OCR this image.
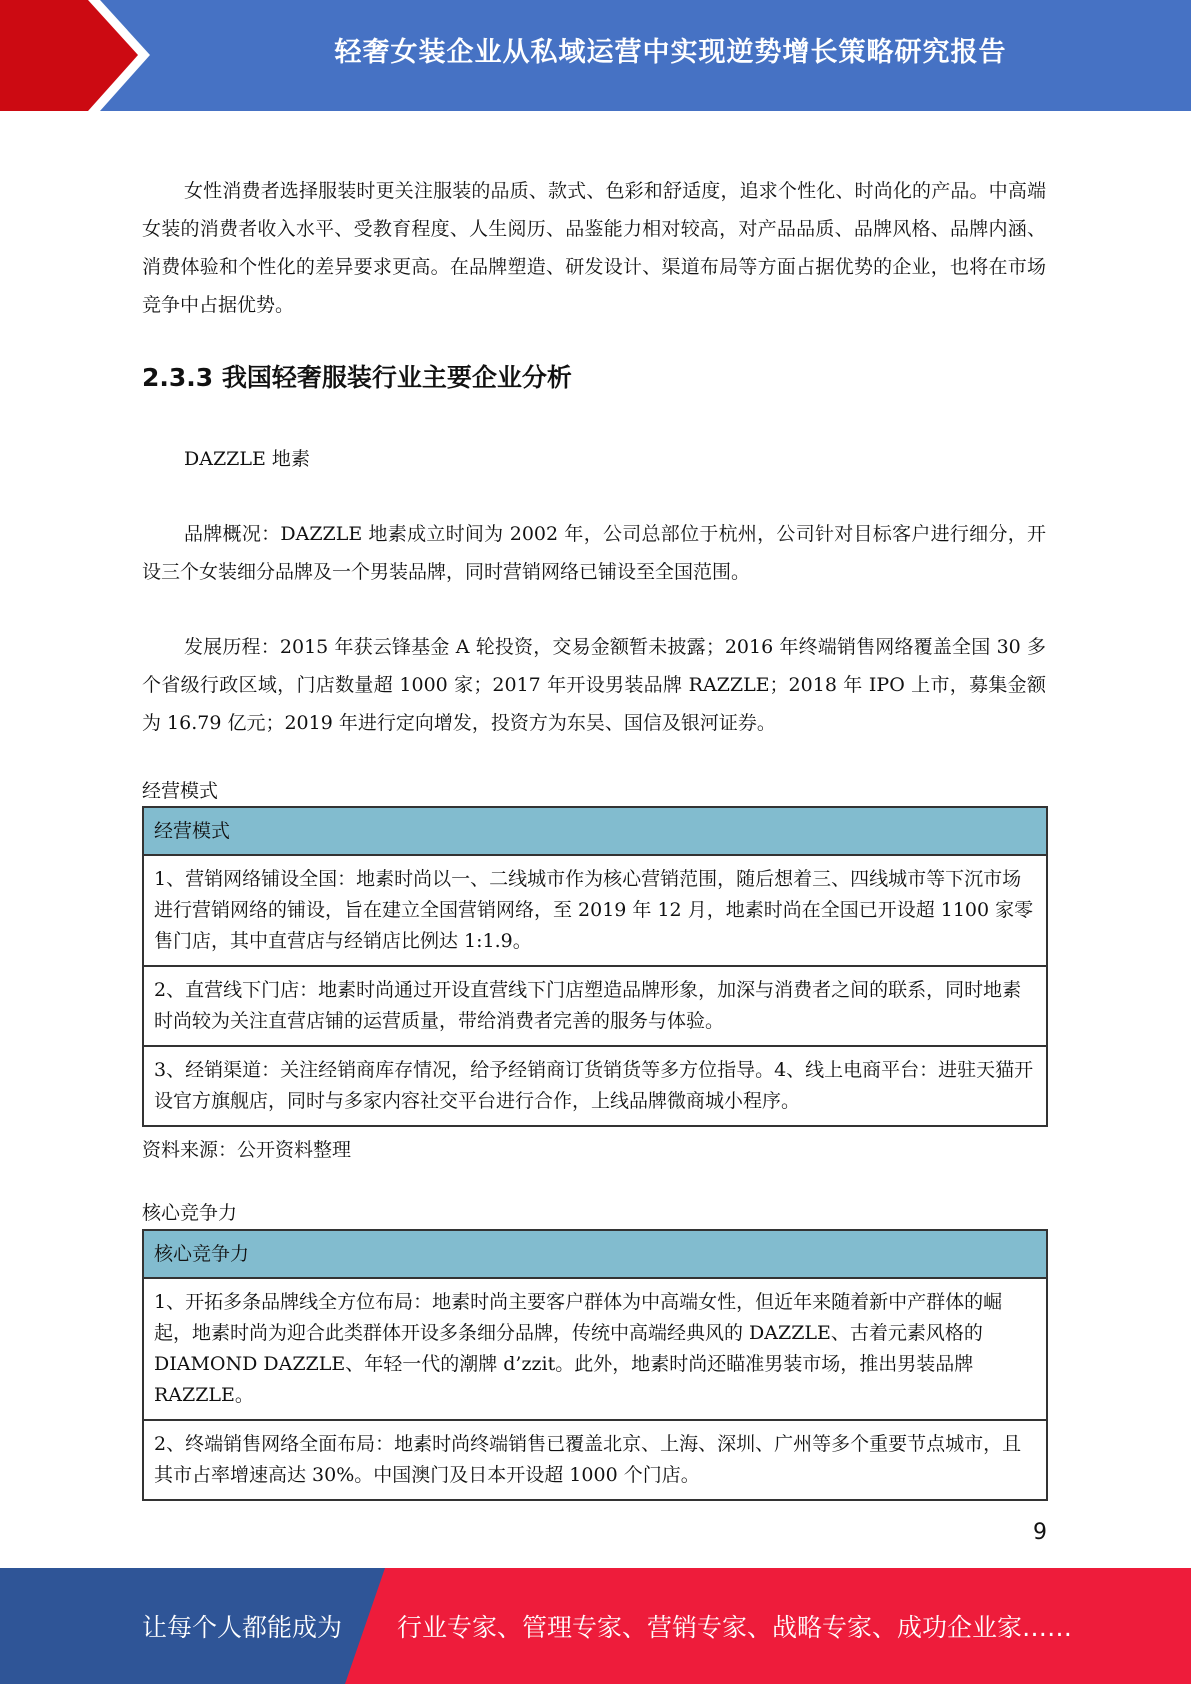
轻奢女装企业从私域运营中实现逆势增长策略研究报告

女性消费者选择服装时更关注服装的品质、款式、色彩和舒适度，追求个性化、时尚化的产品。中高端女装的消费者收入水平、受教育程度、人生阅历、品鉴能力相对较高，对产品品质、品牌风格、品牌内涵、消费体验和个性化的差异要求更高。在品牌塑造、研发设计、渠道布局等方面占据优势的企业，也将在市场竞争中占据优势。

2.3.3 我国轻奢服装行业主要企业分析

DAZZLE 地素

品牌概况：DAZZLE 地素成立时间为 2002 年，公司总部位于杭州，公司针对目标客户进行细分，开设三个女装细分品牌及一个男装品牌，同时营销网络已铺设至全国范围。

发展历程：2015 年获云锋基金 A 轮投资，交易金额暂未披露；2016 年终端销售网络覆盖全国 30 多个省级行政区域，门店数量超 1000 家；2017 年开设男装品牌 RAZZLE；2018 年 IPO 上市，募集金额为 16.79 亿元；2019 年进行定向增发，投资方为东吴、国信及银河证券。

经营模式
经营模式
1、营销网络铺设全国：地素时尚以一、二线城市作为核心营销范围，随后想着三、四线城市等下沉市场进行营销网络的铺设，旨在建立全国营销网络，至 2019 年 12 月，地素时尚在全国已开设超 1100 家零售门店，其中直营店与经销店比例达 1:1.9。
2、直营线下门店：地素时尚通过开设直营线下门店塑造品牌形象，加深与消费者之间的联系，同时地素时尚较为关注直营店铺的运营质量，带给消费者完善的服务与体验。
3、经销渠道：关注经销商库存情况，给予经销商订货销货等多方位指导。4、线上电商平台：进驻天猫开设官方旗舰店，同时与多家内容社交平台进行合作，上线品牌微商城小程序。
资料来源：公开资料整理
核心竞争力
核心竞争力
1、开拓多条品牌线全方位布局：地素时尚主要客户群体为中高端女性，但近年来随着新中产群体的崛起，地素时尚为迎合此类群体开设多条细分品牌，传统中高端经典风的 DAZZLE、古着元素风格的 DIAMOND DAZZLE、年轻一代的潮牌 d’zzit。此外，地素时尚还瞄准男装市场，推出男装品牌 RAZZLE。
2、终端销售网络全面布局：地素时尚终端销售已覆盖北京、上海、深圳、广州等多个重要节点城市，且其市占率增速高达 30%。中国澳门及日本开设超 1000 个门店。
9
让每个人都能成为 行业专家、管理专家、营销专家、战略专家、成功企业家……
